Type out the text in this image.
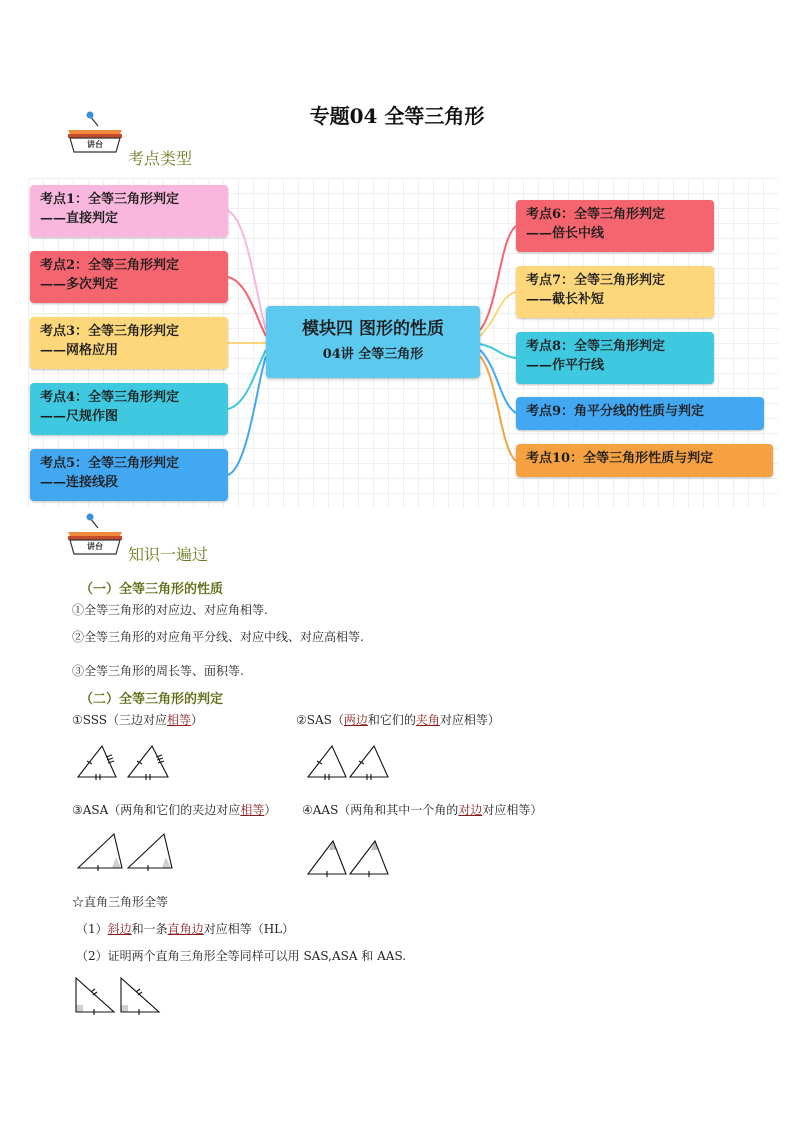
专题04 全等三角形
讲台
考点类型
考点1：全等三角形判定
——直接判定
考点2：全等三角形判定
——多次判定
考点3：全等三角形判定
——网格应用
考点4：全等三角形判定
——尺规作图
考点5：全等三角形判定
——连接线段
模块四 图形的性质
04讲 全等三角形
考点6：全等三角形判定
——倍长中线
考点7：全等三角形判定
——截长补短
考点8：全等三角形判定
——作平行线
考点9：角平分线的性质与判定
考点10：全等三角形性质与判定
讲台 知识一遍过
（一）全等三角形的性质
①全等三角形的对应边、对应角相等.
②全等三角形的对应角平分线、对应中线、对应高相等.
③全等三角形的周长等、面积等.
（二）全等三角形的判定
①SSS（三边对应相等）	②SAS（两边和它们的夹角对应相等）
③ASA（两角和它们的夹边对应相等） ④AAS（两角和其中一个角的对边对应相等）
☆直角三角形全等
（1）斜边和一条直角边对应相等（HL）
（2）证明两个直角三角形全等同样可以用 SAS,ASA 和 AAS.
